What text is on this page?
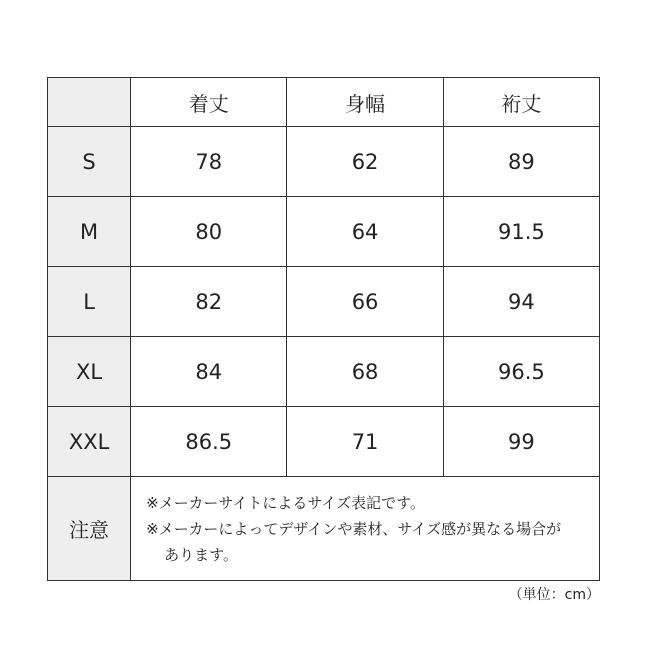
	着丈	身幅	裄丈
S	78	62	89
M	80	64	91.5
L	82	66	94
XL	84	68	96.5
XXL	86.5	71	99
注意	※メーカーサイトによるサイズ表記です。
※メーカーによってデザインや素材、サイズ感が異なる場合が
あります。		
（単位：cm）
